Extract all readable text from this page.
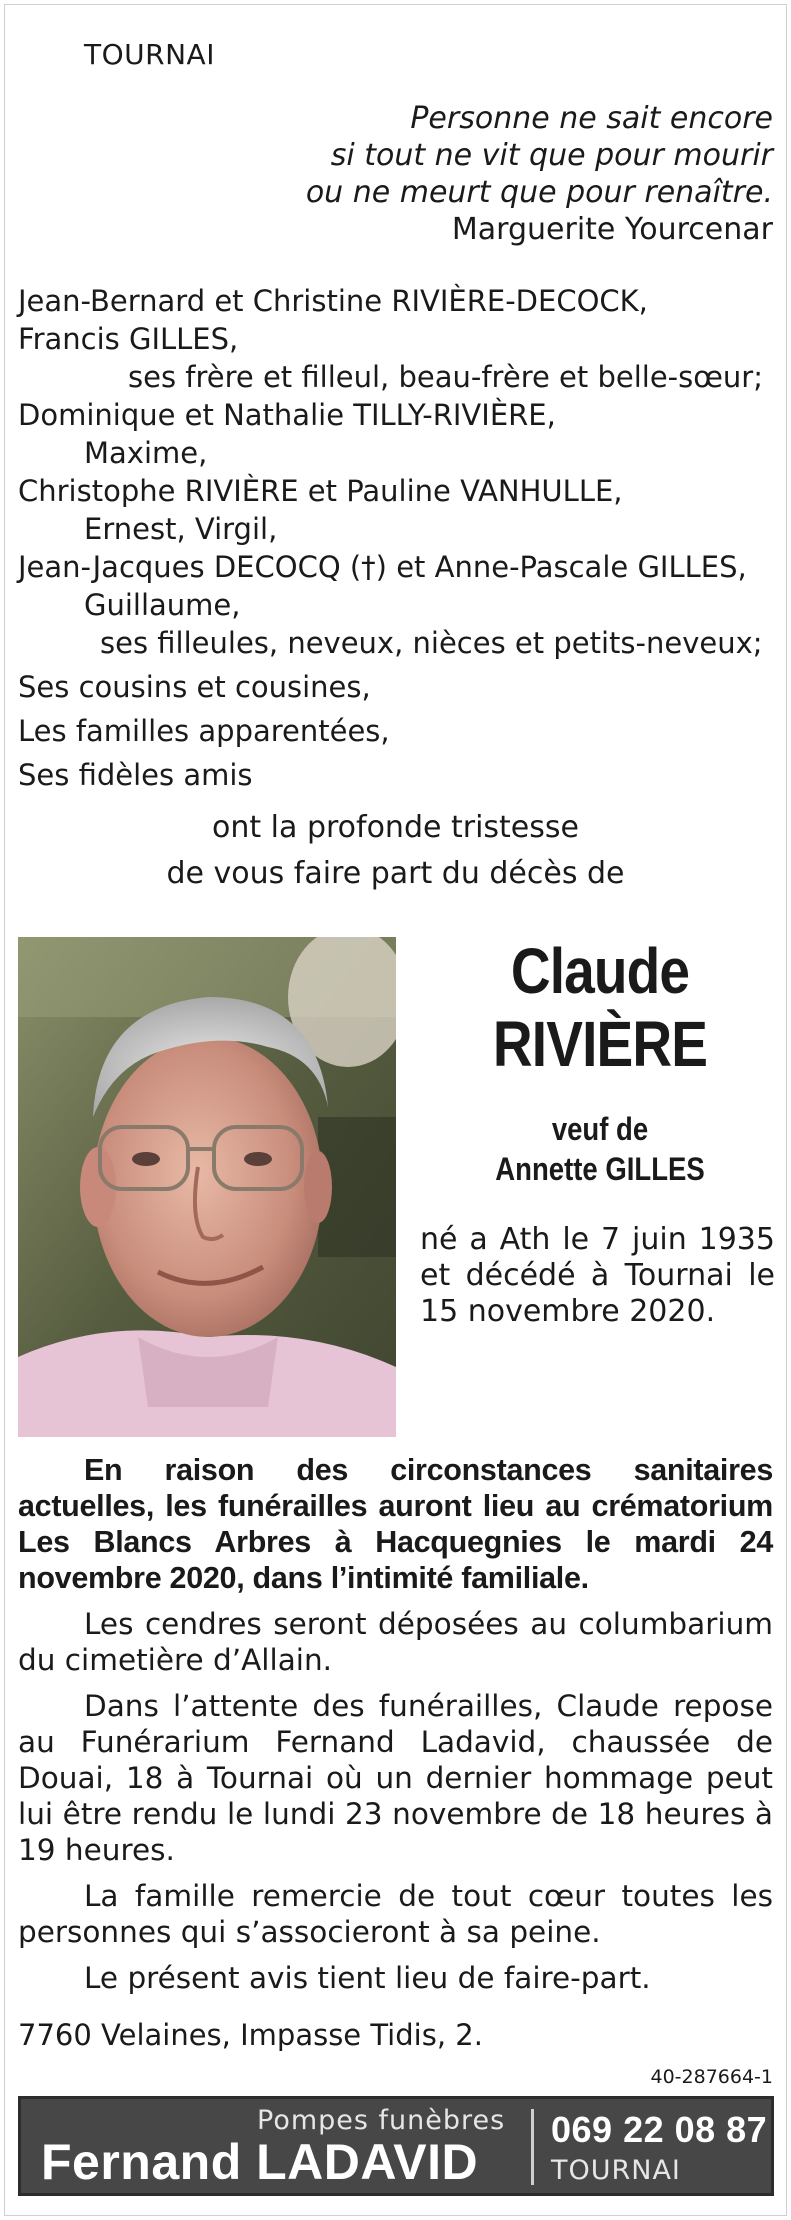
TOURNAI
Personne ne sait encore
si tout ne vit que pour mourir
ou ne meurt que pour renaître.
Marguerite Yourcenar
Jean-Bernard et Christine RIVIÈRE-DECOCK,
Francis GILLES,
ses frère et filleul, beau-frère et belle-sœur;
Dominique et Nathalie TILLY-RIVIÈRE,
Maxime,
Christophe RIVIÈRE et Pauline VANHULLE,
Ernest, Virgil,
Jean-Jacques DECOCQ (†) et Anne-Pascale GILLES,
Guillaume,
ses filleules, neveux, nièces et petits-neveux;
Ses cousins et cousines,
Les familles apparentées,
Ses fidèles amis
ont la profonde tristesse
de vous faire part du décès de
Claude
RIVIÈRE
veuf de
Annette GILLES
né a Ath le 7 juin 1935
et décédé à Tournai le
15 novembre 2020.

En raison des circonstances sanitaires actuelles, les funérailles auront lieu au crématorium Les Blancs Arbres à Hacquegnies le mardi 24 novembre 2020, dans l’intimité familiale.

Les cendres seront déposées au columbarium du cimetière d’Allain.

Dans l’attente des funérailles, Claude repose au Funérarium Fernand Ladavid, chaussée de Douai, 18 à Tournai où un dernier hommage peut lui être rendu le lundi 23 novembre de 18 heures à 19 heures.

La famille remercie de tout cœur toutes les personnes qui s’associeront à sa peine.

Le présent avis tient lieu de faire-part.

7760 Velaines, Impasse Tidis, 2.
40-287664-1
Pompes funèbres
Fernand LADAVID
069 22 08 87
TOURNAI
